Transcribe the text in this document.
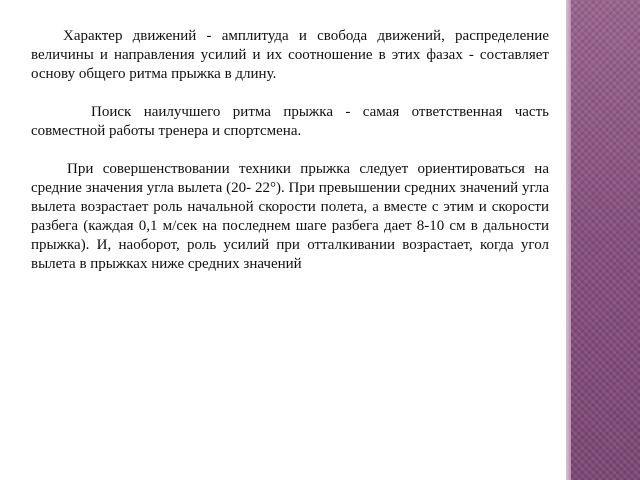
Характер движений - амплитуда и свобода движений, распределение величины и направления усилий и их соотношение в этих фазах - составляет основу общего ритма прыжка в длину.

Поиск наилучшего ритма прыжка - самая ответственная часть совместной работы тренера и спортсмена.

При совершенствовании техники прыжка следует ориентироваться на средние значения угла вылета (20- 22°). При превышении средних значений угла вылета возрастает роль начальной скорости полета, а вместе с этим и скорости разбега (каждая 0,1 м/сек на последнем шаге разбега дает 8-10 см в дальности прыжка). И, наоборот, роль усилий при отталкивании возрастает, когда угол вылета в прыжках ниже средних значений
